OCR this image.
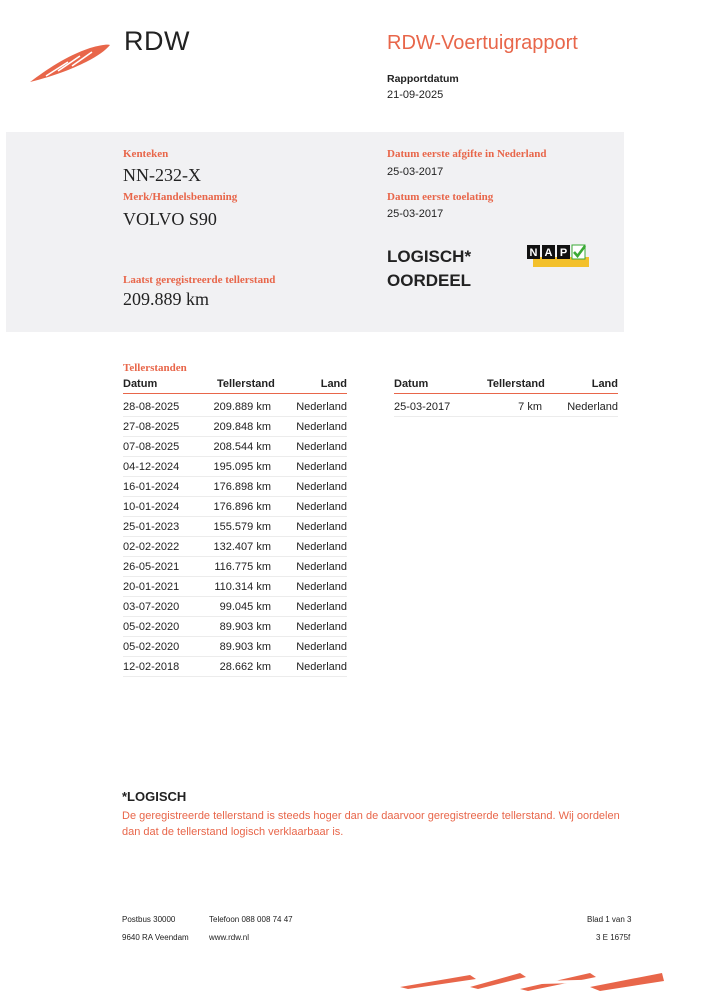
RDW	RDW-Voertuigrapport
Rapportdatum
21-09-2025
Kenteken
NN-232-X
Merk/Handelsbenaming
VOLVO S90
Laatst geregistreerde tellerstand
209.889 km
Datum eerste afgifte in Nederland
25-03-2017
Datum eerste toelating
25-03-2017
LOGISCH*
OORDEEL
N A P
Tellerstanden
Datum	Tellerstand	Land
28-08-2025	209.889 km	Nederland
27-08-2025	209.848 km	Nederland
07-08-2025	208.544 km	Nederland
04-12-2024	195.095 km	Nederland
16-01-2024	176.898 km	Nederland
10-01-2024	176.896 km	Nederland
25-01-2023	155.579 km	Nederland
02-02-2022	132.407 km	Nederland
26-05-2021	116.775 km	Nederland
20-01-2021	110.314 km	Nederland
03-07-2020	99.045 km	Nederland
05-02-2020	89.903 km	Nederland
05-02-2020	89.903 km	Nederland
12-02-2018	28.662 km	Nederland
Datum	Tellerstand	Land
25-03-2017	7 km	Nederland
*LOGISCH
De geregistreerde tellerstand is steeds hoger dan de daarvoor geregistreerde tellerstand. Wij oordelen dan dat de tellerstand logisch verklaarbaar is.
Postbus 30000
9640 RA Veendam
Telefoon 088 008 74 47
www.rdw.nl
Blad 1 van 3
3 E 1675f
